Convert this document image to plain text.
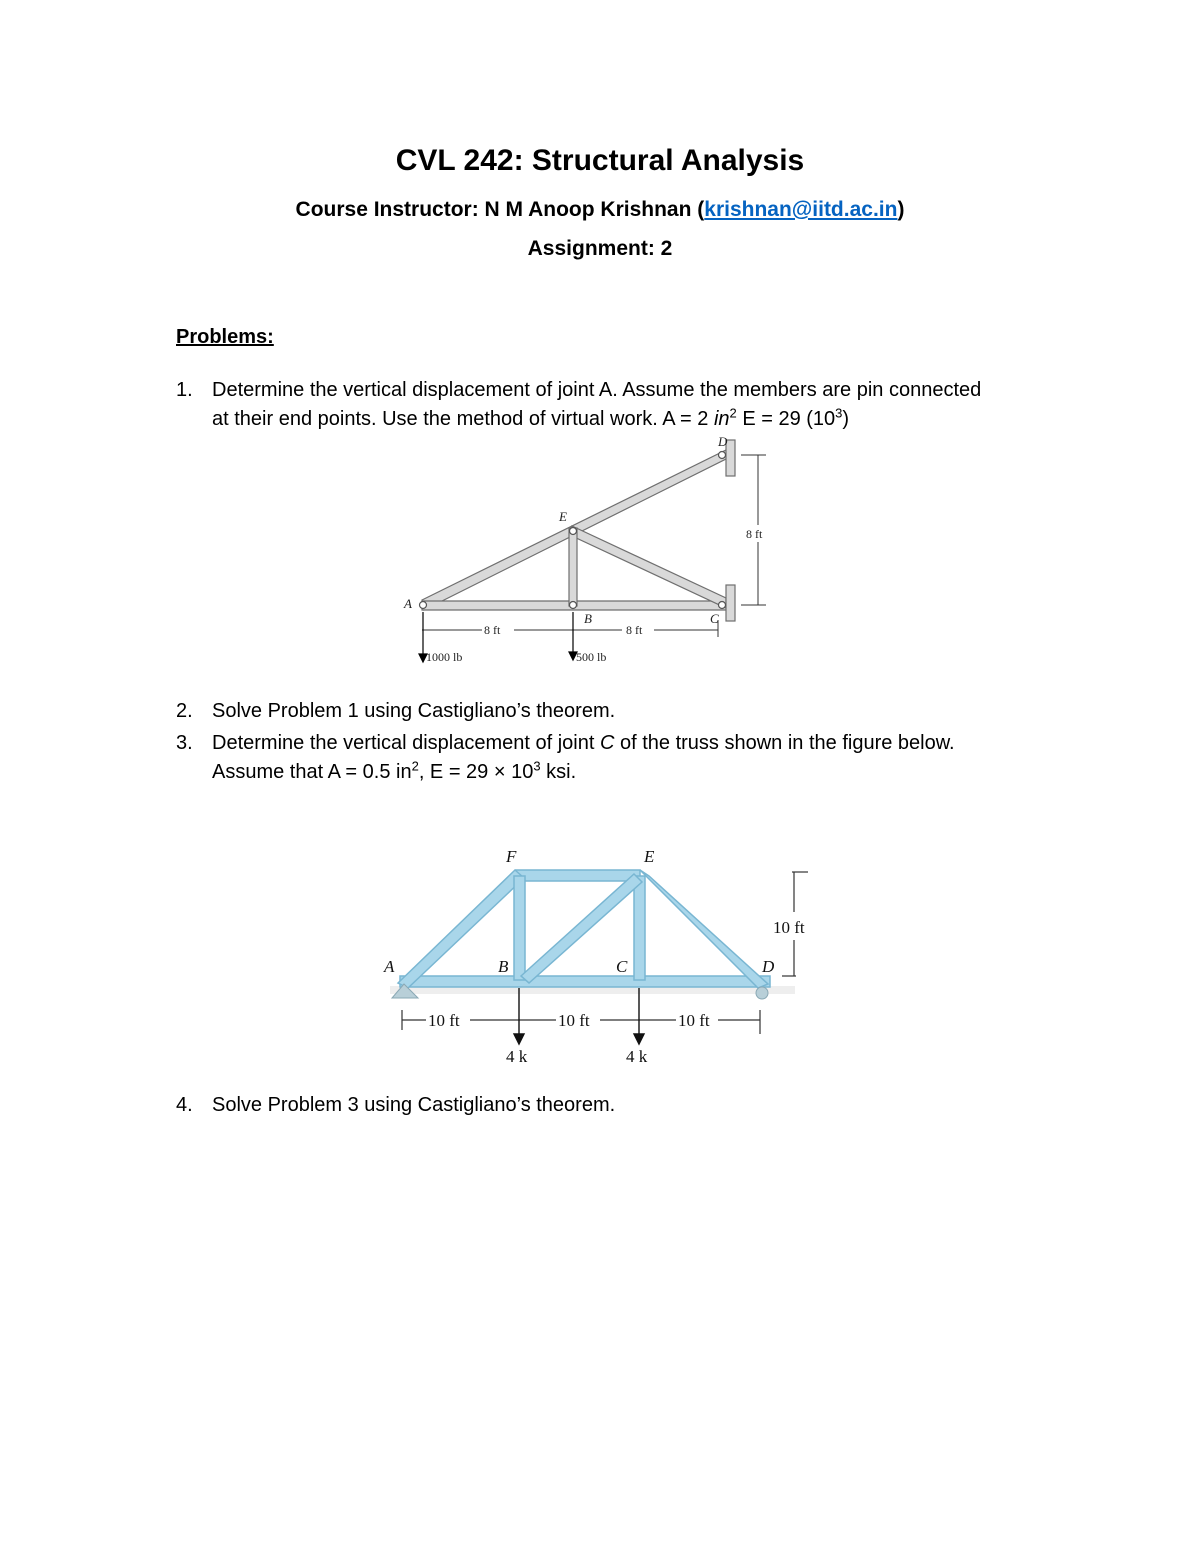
CVL 242: Structural Analysis
Course Instructor: N M Anoop Krishnan (krishnan@iitd.ac.in)
Assignment: 2
Problems:
1. Determine the vertical displacement of joint A. Assume the members are pin connected
at their end points. Use the method of virtual work. A = 2 $in^2$ E = 29 $(10^3)$
A
E
B	C
D
8 ft	8 ft
8 ft
1000 lb	500 lb
2. Solve Problem 1 using Castigliano’s theorem.
3. Determine the vertical displacement of joint C of the truss shown in the figure below.
Assume that A = 0.5 $in^2$, $E = 29 \times 10^3$ ksi.
F	E
A	B	C	D
10 ft
10 ft	10 ft	10 ft
4 k	4 k
4. Solve Problem 3 using Castigliano’s theorem.
